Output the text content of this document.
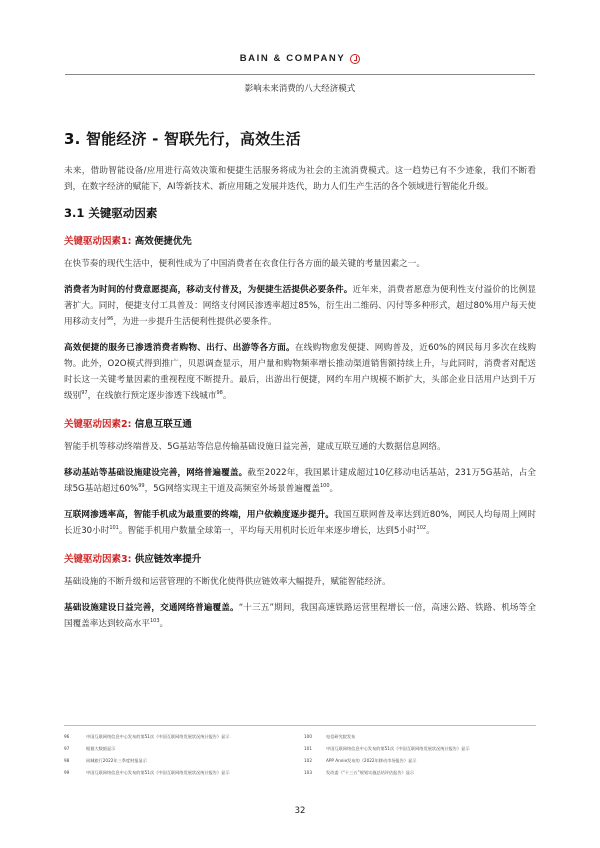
BAIN & COMPANY
影响未来消费的八大经济模式
3. 智能经济 - 智联先行，高效生活

未来，借助智能设备/应用进行高效决策和便捷生活服务将成为社会的主流消费模式。这一趋势已有不少迹象，我们不断看到，在数字经济的赋能下，AI等新技术、新应用随之发展并迭代，助力人们生产生活的各个领域进行智能化升级。

3.1 关键驱动因素
关键驱动因素1: 高效便捷优先

在快节奏的现代生活中，便利性成为了中国消费者在衣食住行各方面的最关键的考量因素之一。

消费者为时间的付费意愿提高，移动支付普及，为便捷生活提供必要条件。近年来，消费者愿意为便利性支付溢价的比例显著扩大。同时，便捷支付工具普及：网络支付网民渗透率超过85%，衍生出二维码、闪付等多种形式，超过80%用户每天使用移动支付$^{96}$，为进一步提升生活便利性提供必要条件。

高效便捷的服务已渗透消费者购物、出行、出游等各方面。在线购物愈发便捷、网购普及，近60%的网民每月多次在线购物。此外，O2O模式得到推广，贝恩调查显示，用户量和购物频率增长推动渠道销售额持续上升，与此同时，消费者对配送时长这一关键考量因素的重视程度不断提升。最后，出游出行便捷，网约车用户规模不断扩大，头部企业日活用户达到千万级别$^{97}$，在线旅行预定逐步渗透下线城市$^{98}$。

关键驱动因素2: 信息互联互通

智能手机等移动终端普及、5G基站等信息传输基础设施日益完善，建成互联互通的大数据信息网络。

移动基站等基础设施建设完善，网络普遍覆盖。截至2022年，我国累计建成超过10亿移动电话基站，231万5G基站，占全球5G基站超过60%$^{99}$，5G网络实现主干道及高频室外场景普遍覆盖$^{100}$。

互联网渗透率高，智能手机成为最重要的终端，用户依赖度逐步提升。我国互联网普及率达到近80%，网民人均每周上网时长近30小时$^{101}$。智能手机用户数量全球第一，平均每天用机时长近年来逐步增长，达到5小时$^{102}$。

关键驱动因素3: 供应链效率提升

基础设施的不断升级和运营管理的不断优化使得供应链效率大幅提升，赋能智能经济。

基础设施建设日益完善，交通网络普遍覆盖。“十三五”期间，我国高速铁路运营里程增长一倍，高速公路、铁路、机场等全国覆盖率达到较高水平$^{103}$。

96	中国互联网络信息中心发布的第51次《中国互联网络发展状况统计报告》显示
97	根据大数据显示
98	同城旅行2022年三季度财报显示
99	中国互联网络信息中心发布的第51次《中国互联网络发展状况统计报告》显示
100	电信研究院发布
101	中国互联网络信息中心发布的第51次《中国互联网络发展状况统计报告》显示
102	APP Annie发布的《2022年移动市场报告》显示
103	发改委《“十三五”规划实施总结评估报告》显示
32
